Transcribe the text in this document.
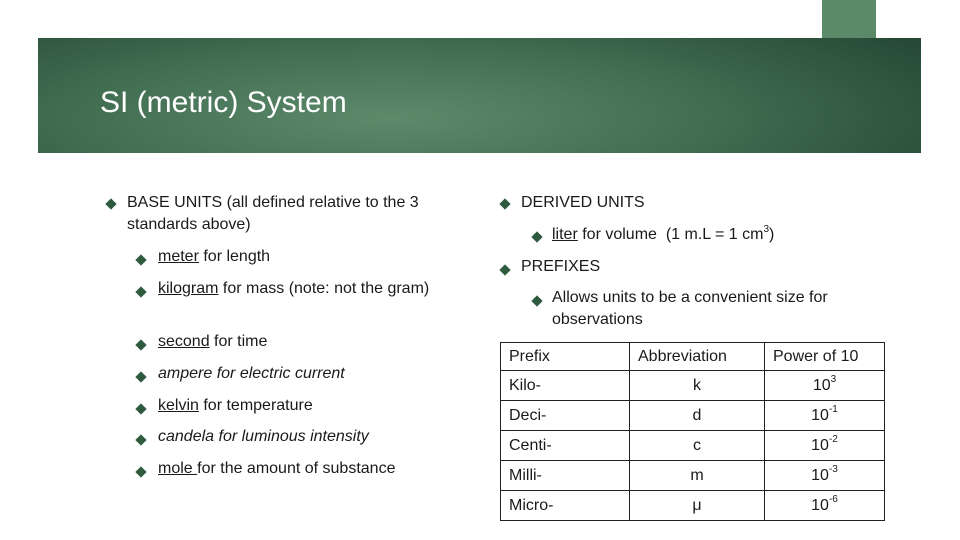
SI (metric) System
BASE UNITS (all defined relative to the 3 standards above)
meter for length
kilogram for mass (note: not the gram)
second for time
ampere for electric current
kelvin for temperature
candela for luminous intensity
mole for the amount of substance
DERIVED UNITS
liter for volume  (1 m.L = 1 $cm^3$)
PREFIXES
Allows units to be a convenient size for observations
Prefix	Abbreviation	Power of 10
Kilo-	k	$10^3$
Deci-	d	$10^{-1}$
Centi-	c	$10^{-2}$
Milli-	m	$10^{-3}$
Micro-	μ	$10^{-6}$
